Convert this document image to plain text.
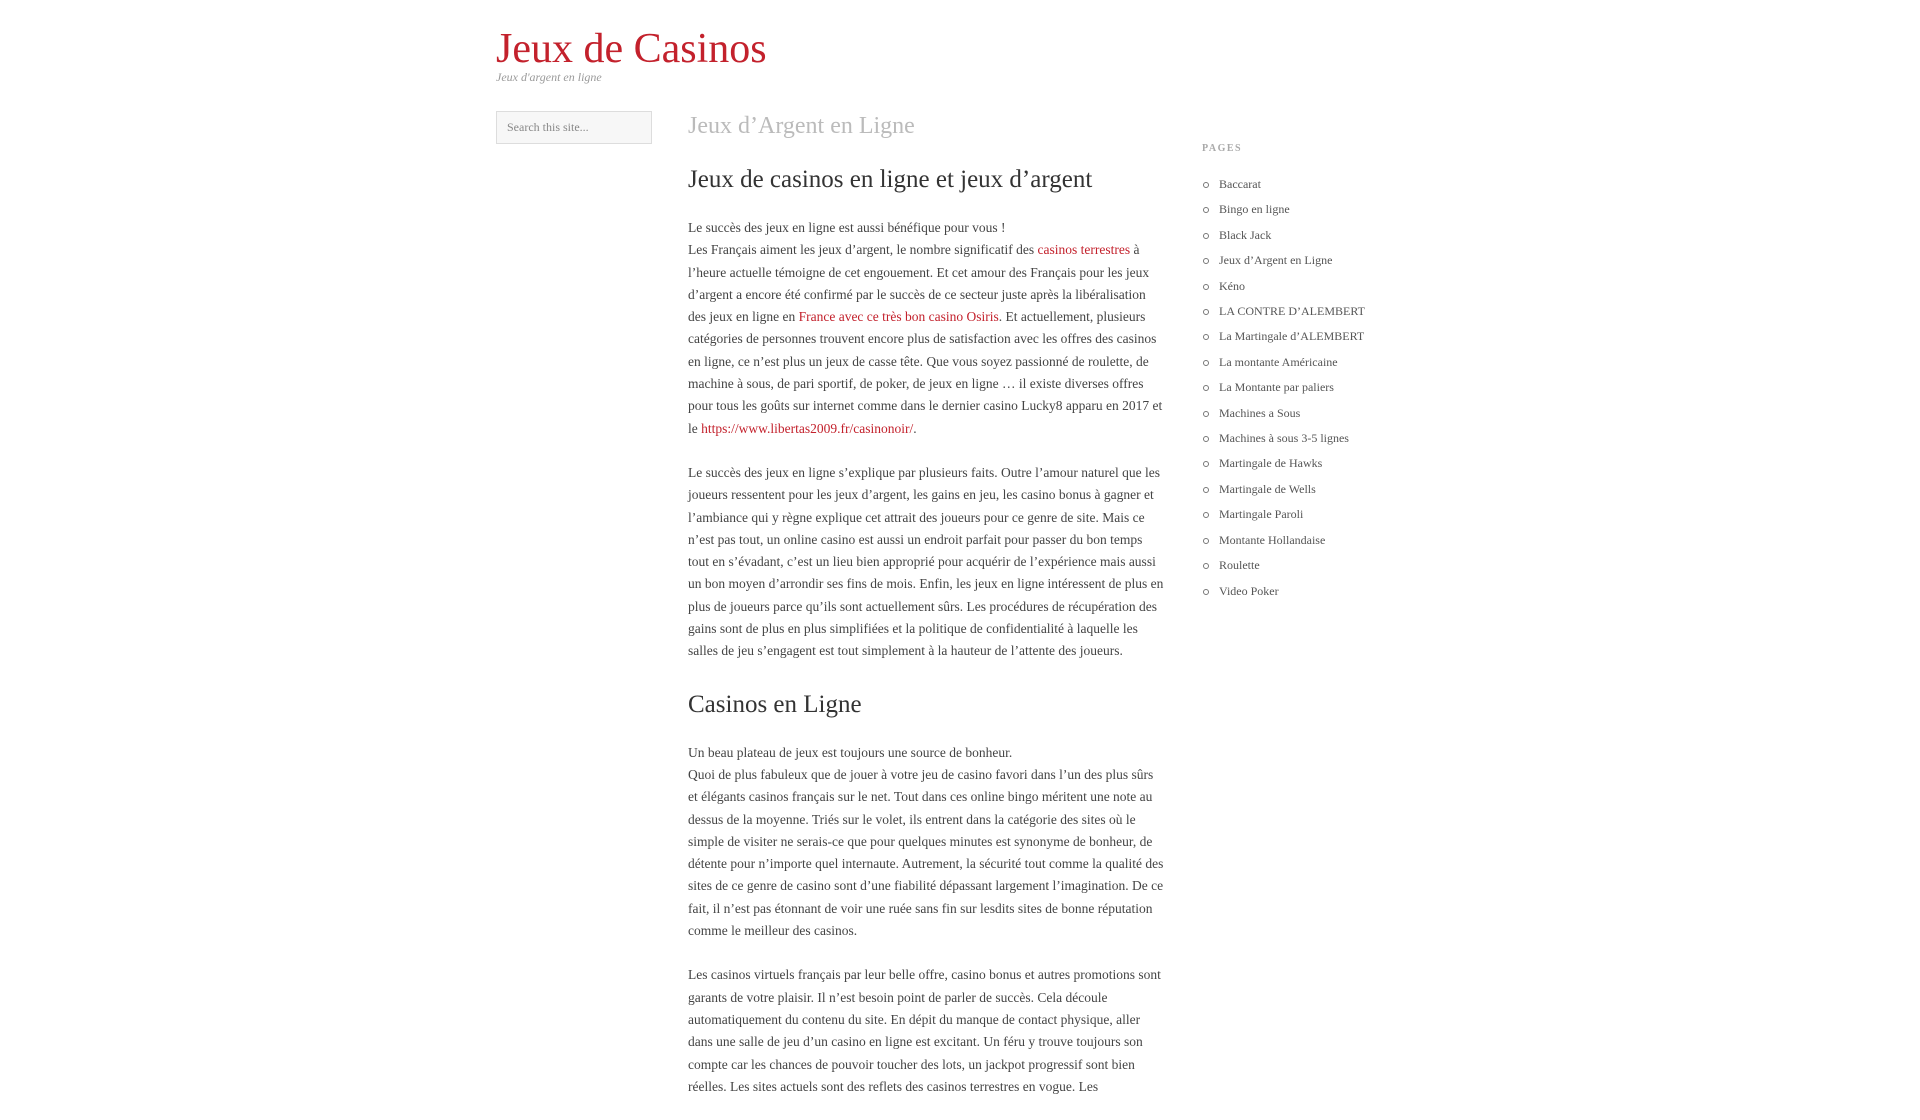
Jeux de Casinos

Jeux d'argent en ligne

Search this site...
Jeux d’Argent en Ligne
Jeux de casinos en ligne et jeux d’argent

Le succès des jeux en ligne est aussi bénéfique pour vous !
Les Français aiment les jeux d’argent, le nombre significatif des casinos terrestres à l’heure actuelle témoigne de cet engouement. Et cet amour des Français pour les jeux d’argent a encore été confirmé par le succès de ce secteur juste après la libéralisation des jeux en ligne en France avec ce très bon casino Osiris. Et actuellement, plusieurs catégories de personnes trouvent encore plus de satisfaction avec les offres des casinos en ligne, ce n’est plus un jeux de casse tête. Que vous soyez passionné de roulette, de machine à sous, de pari sportif, de poker, de jeux en ligne … il existe diverses offres pour tous les goûts sur internet comme dans le dernier casino Lucky8 apparu en 2017 et le https://www.libertas2009.fr/casinonoir/.

Le succès des jeux en ligne s’explique par plusieurs faits. Outre l’amour naturel que les joueurs ressentent pour les jeux d’argent, les gains en jeu, les casino bonus à gagner et l’ambiance qui y règne explique cet attrait des joueurs pour ce genre de site. Mais ce n’est pas tout, un online casino est aussi un endroit parfait pour passer du bon temps tout en s’évadant, c’est un lieu bien approprié pour acquérir de l’expérience mais aussi un bon moyen d’arrondir ses fins de mois. Enfin, les jeux en ligne intéressent de plus en plus de joueurs parce qu’ils sont actuellement sûrs. Les procédures de récupération des gains sont de plus en plus simplifiées et la politique de confidentialité à laquelle les salles de jeu s’engagent est tout simplement à la hauteur de l’attente des joueurs.

Casinos en Ligne

Un beau plateau de jeux est toujours une source de bonheur.
Quoi de plus fabuleux que de jouer à votre jeu de casino favori dans l’un des plus sûrs et élégants casinos français sur le net. Tout dans ces online bingo méritent une note au dessus de la moyenne. Triés sur le volet, ils entrent dans la catégorie des sites où le simple de visiter ne serais-ce que pour quelques minutes est synonyme de bonheur, de détente pour n’importe quel internaute. Autrement, la sécurité tout comme la qualité des sites de ce genre de casino sont d’une fiabilité dépassant largement l’imagination. De ce fait, il n’est pas étonnant de voir une ruée sans fin sur lesdits sites de bonne réputation comme le meilleur des casinos.

Les casinos virtuels français par leur belle offre, casino bonus et autres promotions sont garants de votre plaisir. Il n’est besoin point de parler de succès. Cela découle automatiquement du contenu du site. En dépit du manque de contact physique, aller dans une salle de jeu d’un casino en ligne est excitant. Un féru y trouve toujours son compte car les chances de pouvoir toucher des lots, un jackpot progressif sont bien réelles. Les sites actuels sont des reflets des casinos terrestres en vogue. Les

PAGES
Baccarat
Bingo en ligne
Black Jack
Jeux d’Argent en Ligne
Kéno
LA CONTRE D’ALEMBERT
La Martingale d’ALEMBERT
La montante Américaine
La Montante par paliers
Machines a Sous
Machines à sous 3-5 lignes
Martingale de Hawks
Martingale de Wells
Martingale Paroli
Montante Hollandaise
Roulette
Video Poker
